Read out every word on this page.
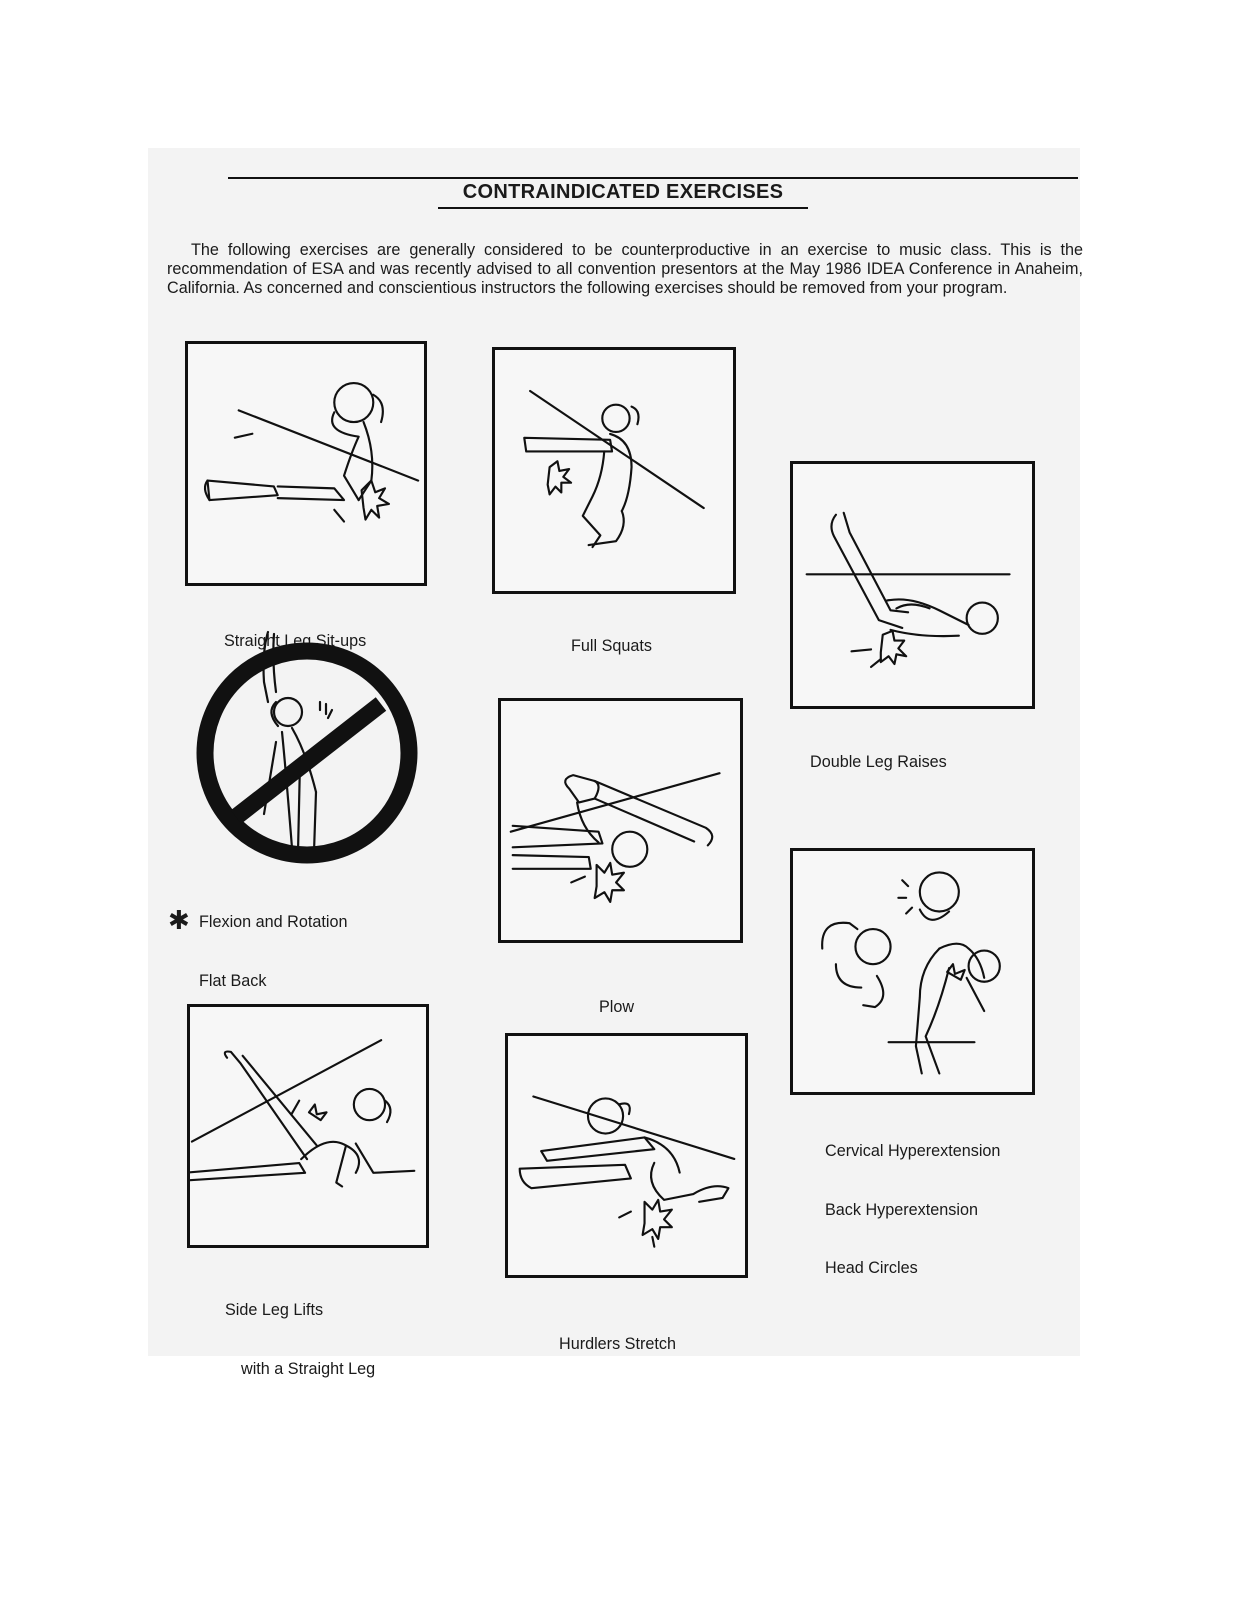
CONTRAINDICATED EXERCISES
The following exercises are generally considered to be counterproductive in an exercise to music class. This is the recommendation of ESA and was recently advised to all convention presentors at the May 1986 IDEA Conference in Anaheim, California. As concerned and conscientious instructors the following exercises should be removed from your program.

Straight Leg Sit-ups

	Full Squats

Double Leg Raises

✱

Flexion and Rotation

Flat Back

Plow

Cervical Hyperextension

Back Hyperextension

Head Circles

Side Leg Lifts

with a Straight Leg

Hurdlers Stretch
